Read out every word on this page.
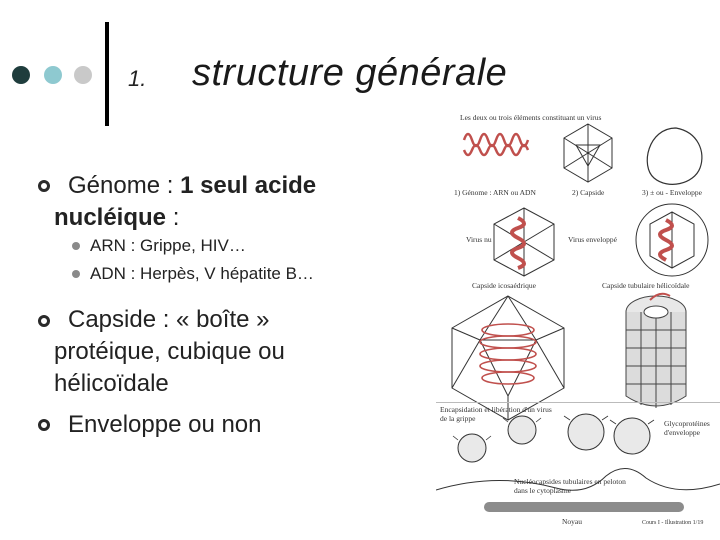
1. structure générale
Génome : 1 seul acide
nucléique :
ARN : Grippe, HIV…
ADN : Herpès, V hépatite B…
Capside : « boîte »
protéique, cubique ou
hélicoïdale
Enveloppe ou non
Les deux ou trois éléments constituant un virus
1) Génome : ARN ou ADN	2) Capside	3) ± ou - Enveloppe
Virus nu	Virus enveloppé
Capside icosaédrique	Capside tubulaire hélicoïdale
Encapsidation et libération d'un virus
de la grippe
Glycoprotéines
d'enveloppe
Nucléocapsides tubulaires en peloton
dans le cytoplasme
Noyau	Cours I - Illustration 1/19
